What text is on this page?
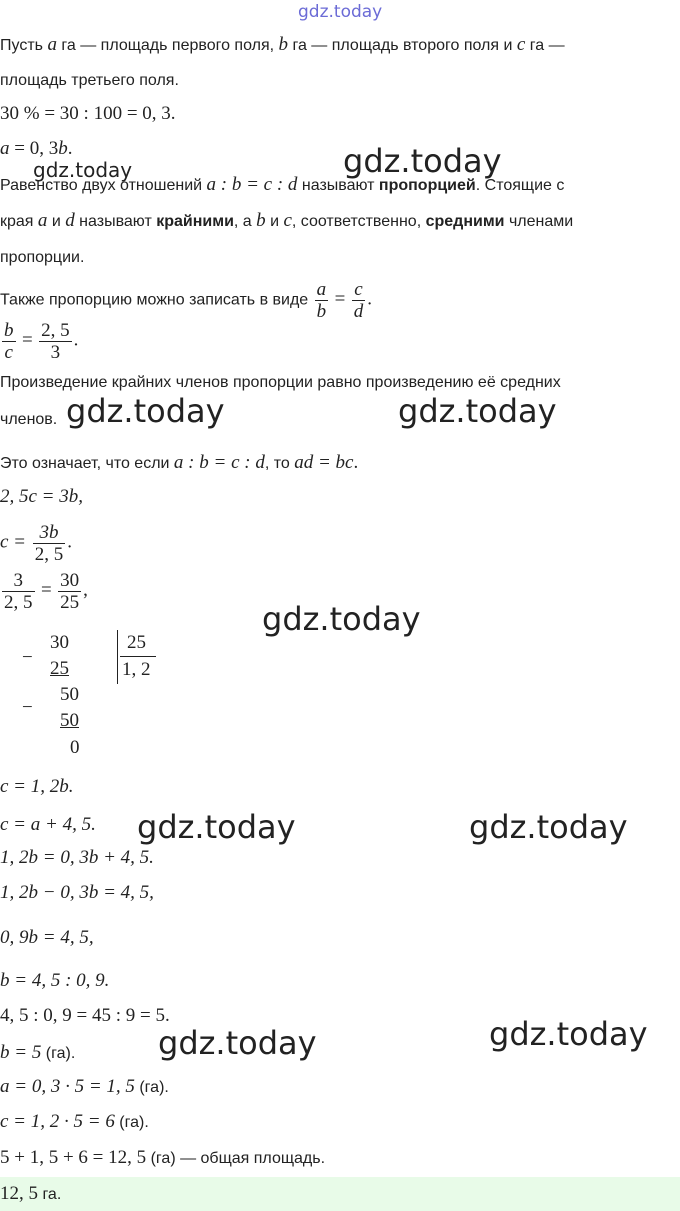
gdz.today
gdz.today	gdz.today
gdz.today	gdz.today
gdz.today
gdz.today	gdz.today
gdz.today	gdz.today
Пусть a га — площадь первого поля, b га — площадь второго поля и c га —
площадь третьего поля.
30 % = 30 : 100 = 0, 3.
a = 0, 3b.
Равенство двух отношений a : b = c : d называют пропорцией. Стоящие с
края a и d называют крайними, а b и c, соответственно, средними членами
пропорции.
Также пропорцию можно записать в виде $\frac{a}{b} = \frac{c}{d}$ .
$\frac{b}{c} = \frac{2, 5}{3}$ .
Произведение крайних членов пропорции равно произведению её средних
членов.
Это означает, что если a : b = c : d, то ad = bc.
2, 5c = 3b,
$c = \frac{3b}{2, 5}$ .
$\frac{3}{2, 5} = \frac{30}{25}$ ,
−
30
25
−
50
50
0
25
1, 2
c = 1, 2b.
c = a + 4, 5.
1, 2b = 0, 3b + 4, 5.
1, 2b − 0, 3b = 4, 5,
0, 9b = 4, 5,
b = 4, 5 : 0, 9.
4, 5 : 0, 9 = 45 : 9 = 5.
b = 5 (га).
a = 0, 3 · 5 = 1, 5 (га).
c = 1, 2 · 5 = 6 (га).
5 + 1, 5 + 6 = 12, 5 (га) — общая площадь.
12, 5 га.
